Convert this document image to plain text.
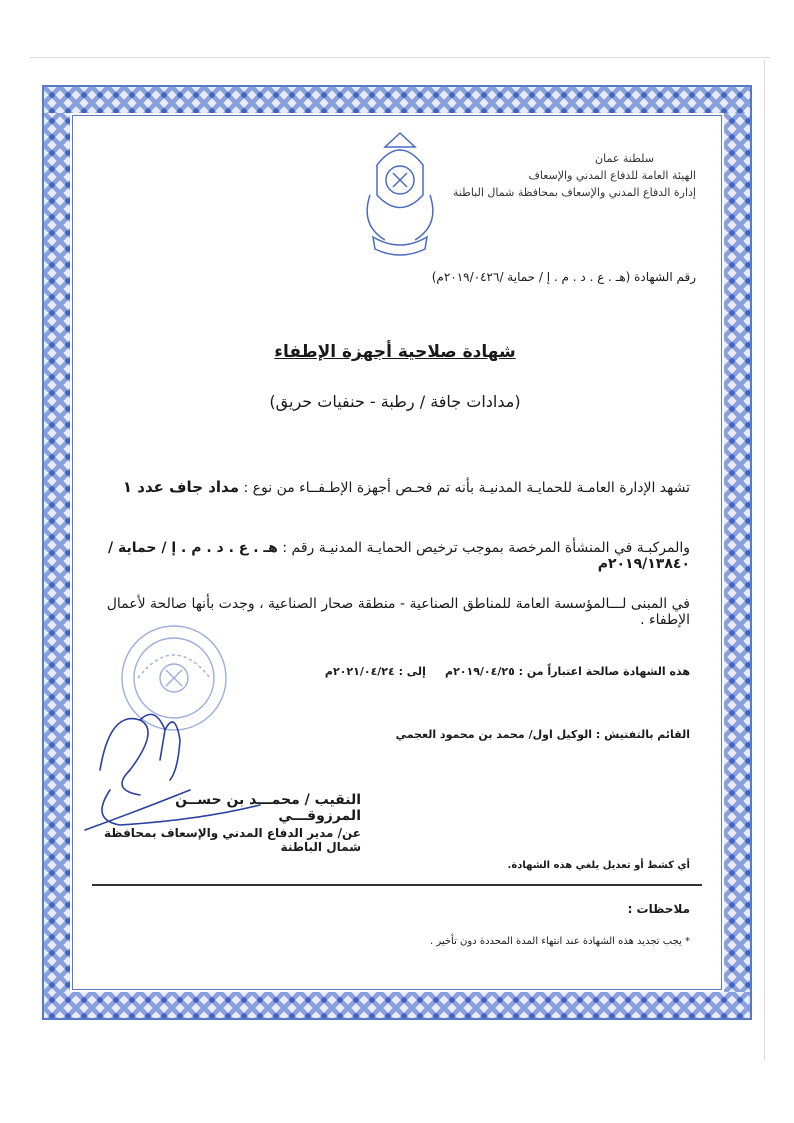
سلطنة عمان
الهيئة العامة للدفاع المدني والإسعاف
إدارة الدفاع المدني والإسعاف بمحافظة شمال الباطنة
رقم الشهادة (هـ . ع . د . م . إ / حماية /٢٠١٩/٠٤٢٦م)
شهادة صلاحية أجهزة الإطفاء
(مدادات جافة / رطبة - حنفيات حريق)
تشهد الإدارة العامـة للحمايـة المدنيـة بأنه تم فحـص أجهزة الإطـفــاء من نوع : مداد جاف عدد ١
والمركبـة في المنشأة المرخصة بموجب ترخيص الحمايـة المدنيـة رقم : هـ . ع . د . م . إ / حماية / ٢٠١٩/١٣٨٤٠م
في المبنى لـــالمؤسسة العامة للمناطق الصناعية - منطقة صحار الصناعية ، وجدت بأنها صالحة لأعمال الإطفاء .
هذه الشهادة صالحة اعتباراً من : ٢٠١٩/٠٤/٢٥م     إلى : ٢٠٢١/٠٤/٢٤م
القائم بالتفتيش : الوكيل اول/ محمد بن محمود العجمي
النقيب / محمـــد بن حســن المرزوقـــي
عن/ مدير الدفاع المدني والإسعاف بمحافظة شمال الباطنة
أي كشط أو تعديل يلغي هذه الشهادة.
ملاحظات :
* يجب تجديد هذه الشهادة عند انتهاء المدة المحددة دون تأخير .
